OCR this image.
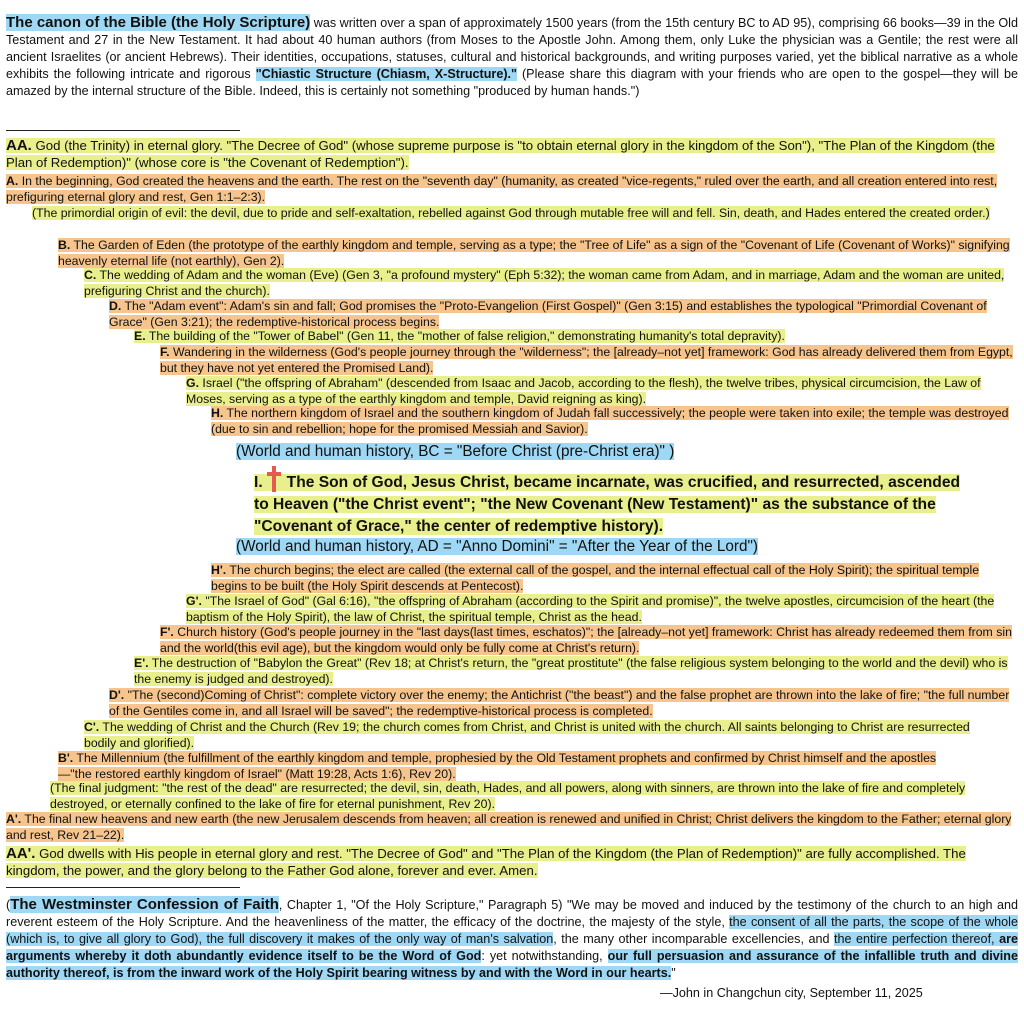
The canon of the Bible (the Holy Scripture) was written over a span of approximately 1500 years (from the 15th century BC to AD 95), comprising 66 books—39 in the Old Testament and 27 in the New Testament. It had about 40 human authors (from Moses to the Apostle John. Among them, only Luke the physician was a Gentile; the rest were all ancient Israelites (or ancient Hebrews). Their identities, occupations, statuses, cultural and historical backgrounds, and writing purposes varied, yet the biblical narrative as a whole exhibits the following intricate and rigorous "Chiastic Structure (Chiasm, X-Structure)." (Please share this diagram with your friends who are open to the gospel—they will be amazed by the internal structure of the Bible. Indeed, this is certainly not something "produced by human hands.")
AA. God (the Trinity) in eternal glory. "The Decree of God" (whose supreme purpose is "to obtain eternal glory in the kingdom of the Son"), "The Plan of the Kingdom (the Plan of Redemption)" (whose core is "the Covenant of Redemption").
A. In the beginning, God created the heavens and the earth. The rest on the "seventh day" (humanity, as created "vice-regents," ruled over the earth, and all creation entered into rest, prefiguring eternal glory and rest, Gen 1:1–2:3).
(The primordial origin of evil: the devil, due to pride and self-exaltation, rebelled against God through mutable free will and fell. Sin, death, and Hades entered the created order.)
B. The Garden of Eden (the prototype of the earthly kingdom and temple, serving as a type; the "Tree of Life" as a sign of the "Covenant of Life (Covenant of Works)" signifying heavenly eternal life (not earthly), Gen 2).
C. The wedding of Adam and the woman (Eve) (Gen 3, "a profound mystery" (Eph 5:32); the woman came from Adam, and in marriage, Adam and the woman are united, prefiguring Christ and the church).
D. The "Adam event": Adam's sin and fall; God promises the "Proto-Evangelion (First Gospel)" (Gen 3:15) and establishes the typological "Primordial Covenant of Grace" (Gen 3:21); the redemptive-historical process begins.
E. The building of the "Tower of Babel" (Gen 11, the "mother of false religion," demonstrating humanity's total depravity).
F. Wandering in the wilderness (God's people journey through the "wilderness"; the [already–not yet] framework: God has already delivered them from Egypt, but they have not yet entered the Promised Land).
G. Israel ("the offspring of Abraham" (descended from Isaac and Jacob, according to the flesh), the twelve tribes, physical circumcision, the Law of Moses, serving as a type of the earthly kingdom and temple, David reigning as king).
H. The northern kingdom of Israel and the southern kingdom of Judah fall successively; the people were taken into exile; the temple was destroyed (due to sin and rebellion; hope for the promised Messiah and Savior).
(World and human history, BC = "Before Christ (pre-Christ era)" )
I. The Son of God, Jesus Christ, became incarnate, was crucified, and resurrected, ascended to Heaven ("the Christ event"; "the New Covenant (New Testament)" as the substance of the "Covenant of Grace," the center of redemptive history).
(World and human history, AD = "Anno Domini" = "After the Year of the Lord")
H'. The church begins; the elect are called (the external call of the gospel, and the internal effectual call of the Holy Spirit); the spiritual temple begins to be built (the Holy Spirit descends at Pentecost).
G'. "The Israel of God" (Gal 6:16), "the offspring of Abraham (according to the Spirit and promise)", the twelve apostles, circumcision of the heart (the baptism of the Holy Spirit), the law of Christ, the spiritual temple, Christ as the head.
F'. Church history (God's people journey in the "last days(last times, eschatos)"; the [already–not yet] framework: Christ has already redeemed them from sin and the world(this evil age), but the kingdom would only be fully come at Christ's return).
E'. The destruction of "Babylon the Great" (Rev 18; at Christ's return, the "great prostitute" (the false religious system belonging to the world and the devil) who is the enemy is judged and destroyed).
D'. "The (second)Coming of Christ": complete victory over the enemy; the Antichrist ("the beast") and the false prophet are thrown into the lake of fire; "the full number of the Gentiles come in, and all Israel will be saved"; the redemptive-historical process is completed.
C'. The wedding of Christ and the Church (Rev 19; the church comes from Christ, and Christ is united with the church. All saints belonging to Christ are resurrected bodily and glorified).
B'. The Millennium (the fulfillment of the earthly kingdom and temple, prophesied by the Old Testament prophets and confirmed by Christ himself and the apostles—"the restored earthly kingdom of Israel" (Matt 19:28, Acts 1:6), Rev 20).
(The final judgment: "the rest of the dead" are resurrected; the devil, sin, death, Hades, and all powers, along with sinners, are thrown into the lake of fire and completely destroyed, or eternally confined to the lake of fire for eternal punishment, Rev 20).
A'. The final new heavens and new earth (the new Jerusalem descends from heaven; all creation is renewed and unified in Christ; Christ delivers the kingdom to the Father; eternal glory and rest, Rev 21–22).
AA'. God dwells with His people in eternal glory and rest. "The Decree of God" and "The Plan of the Kingdom (the Plan of Redemption)" are fully accomplished. The kingdom, the power, and the glory belong to the Father God alone, forever and ever. Amen.
(The Westminster Confession of Faith, Chapter 1, "Of the Holy Scripture," Paragraph 5) "We may be moved and induced by the testimony of the church to an high and reverent esteem of the Holy Scripture. And the heavenliness of the matter, the efficacy of the doctrine, the majesty of the style, the consent of all the parts, the scope of the whole (which is, to give all glory to God), the full discovery it makes of the only way of man's salvation, the many other incomparable excellencies, and the entire perfection thereof, are arguments whereby it doth abundantly evidence itself to be the Word of God: yet notwithstanding, our full persuasion and assurance of the infallible truth and divine authority thereof, is from the inward work of the Holy Spirit bearing witness by and with the Word in our hearts."
—John in Changchun city, September 11, 2025
